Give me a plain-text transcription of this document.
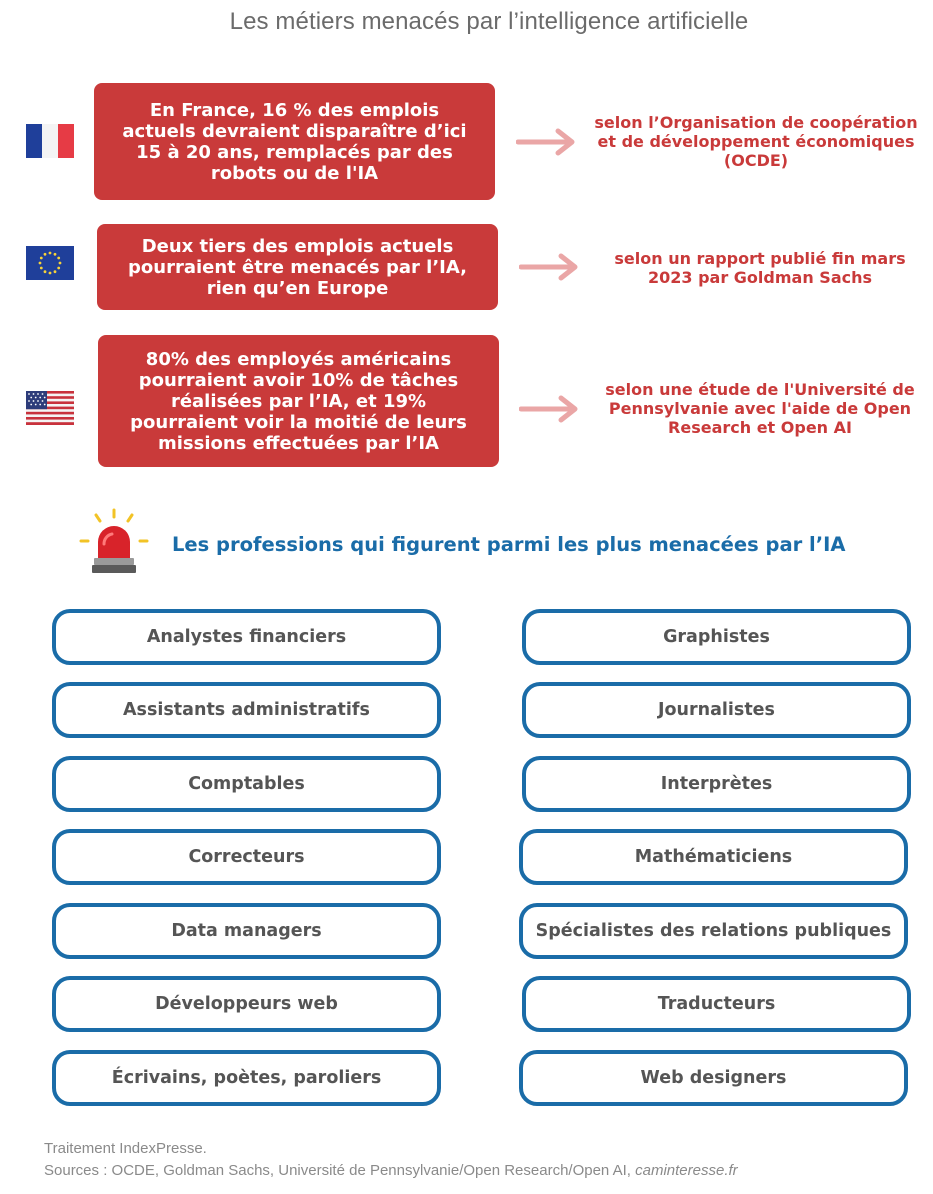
Les métiers menacés par l’intelligence artificielle
En France, 16 % des emplois actuels devraient disparaître d’ici 15 à 20 ans, remplacés par des robots ou de l'IA
selon l’Organisation de coopération et de développement économiques (OCDE)
Deux tiers des emplois actuels pourraient être menacés par l’IA, rien qu’en Europe
selon un rapport publié fin mars 2023 par Goldman Sachs
80% des employés américains pourraient avoir 10% de tâches réalisées par l’IA, et 19% pourraient voir la moitié de leurs missions effectuées par l’IA
selon une étude de l'Université de Pennsylvanie avec l'aide de Open Research et Open AI
Les professions qui figurent parmi les plus menacées par l’IA
Analystes financiers
Assistants administratifs
Comptables
Correcteurs
Data managers
Développeurs web
Écrivains, poètes, paroliers
Graphistes
Journalistes
Interprètes
Mathématiciens
Spécialistes des relations publiques
Traducteurs
Web designers
Traitement IndexPresse.
Sources : OCDE, Goldman Sachs, Université de Pennsylvanie/Open Research/Open AI, caminteresse.fr
